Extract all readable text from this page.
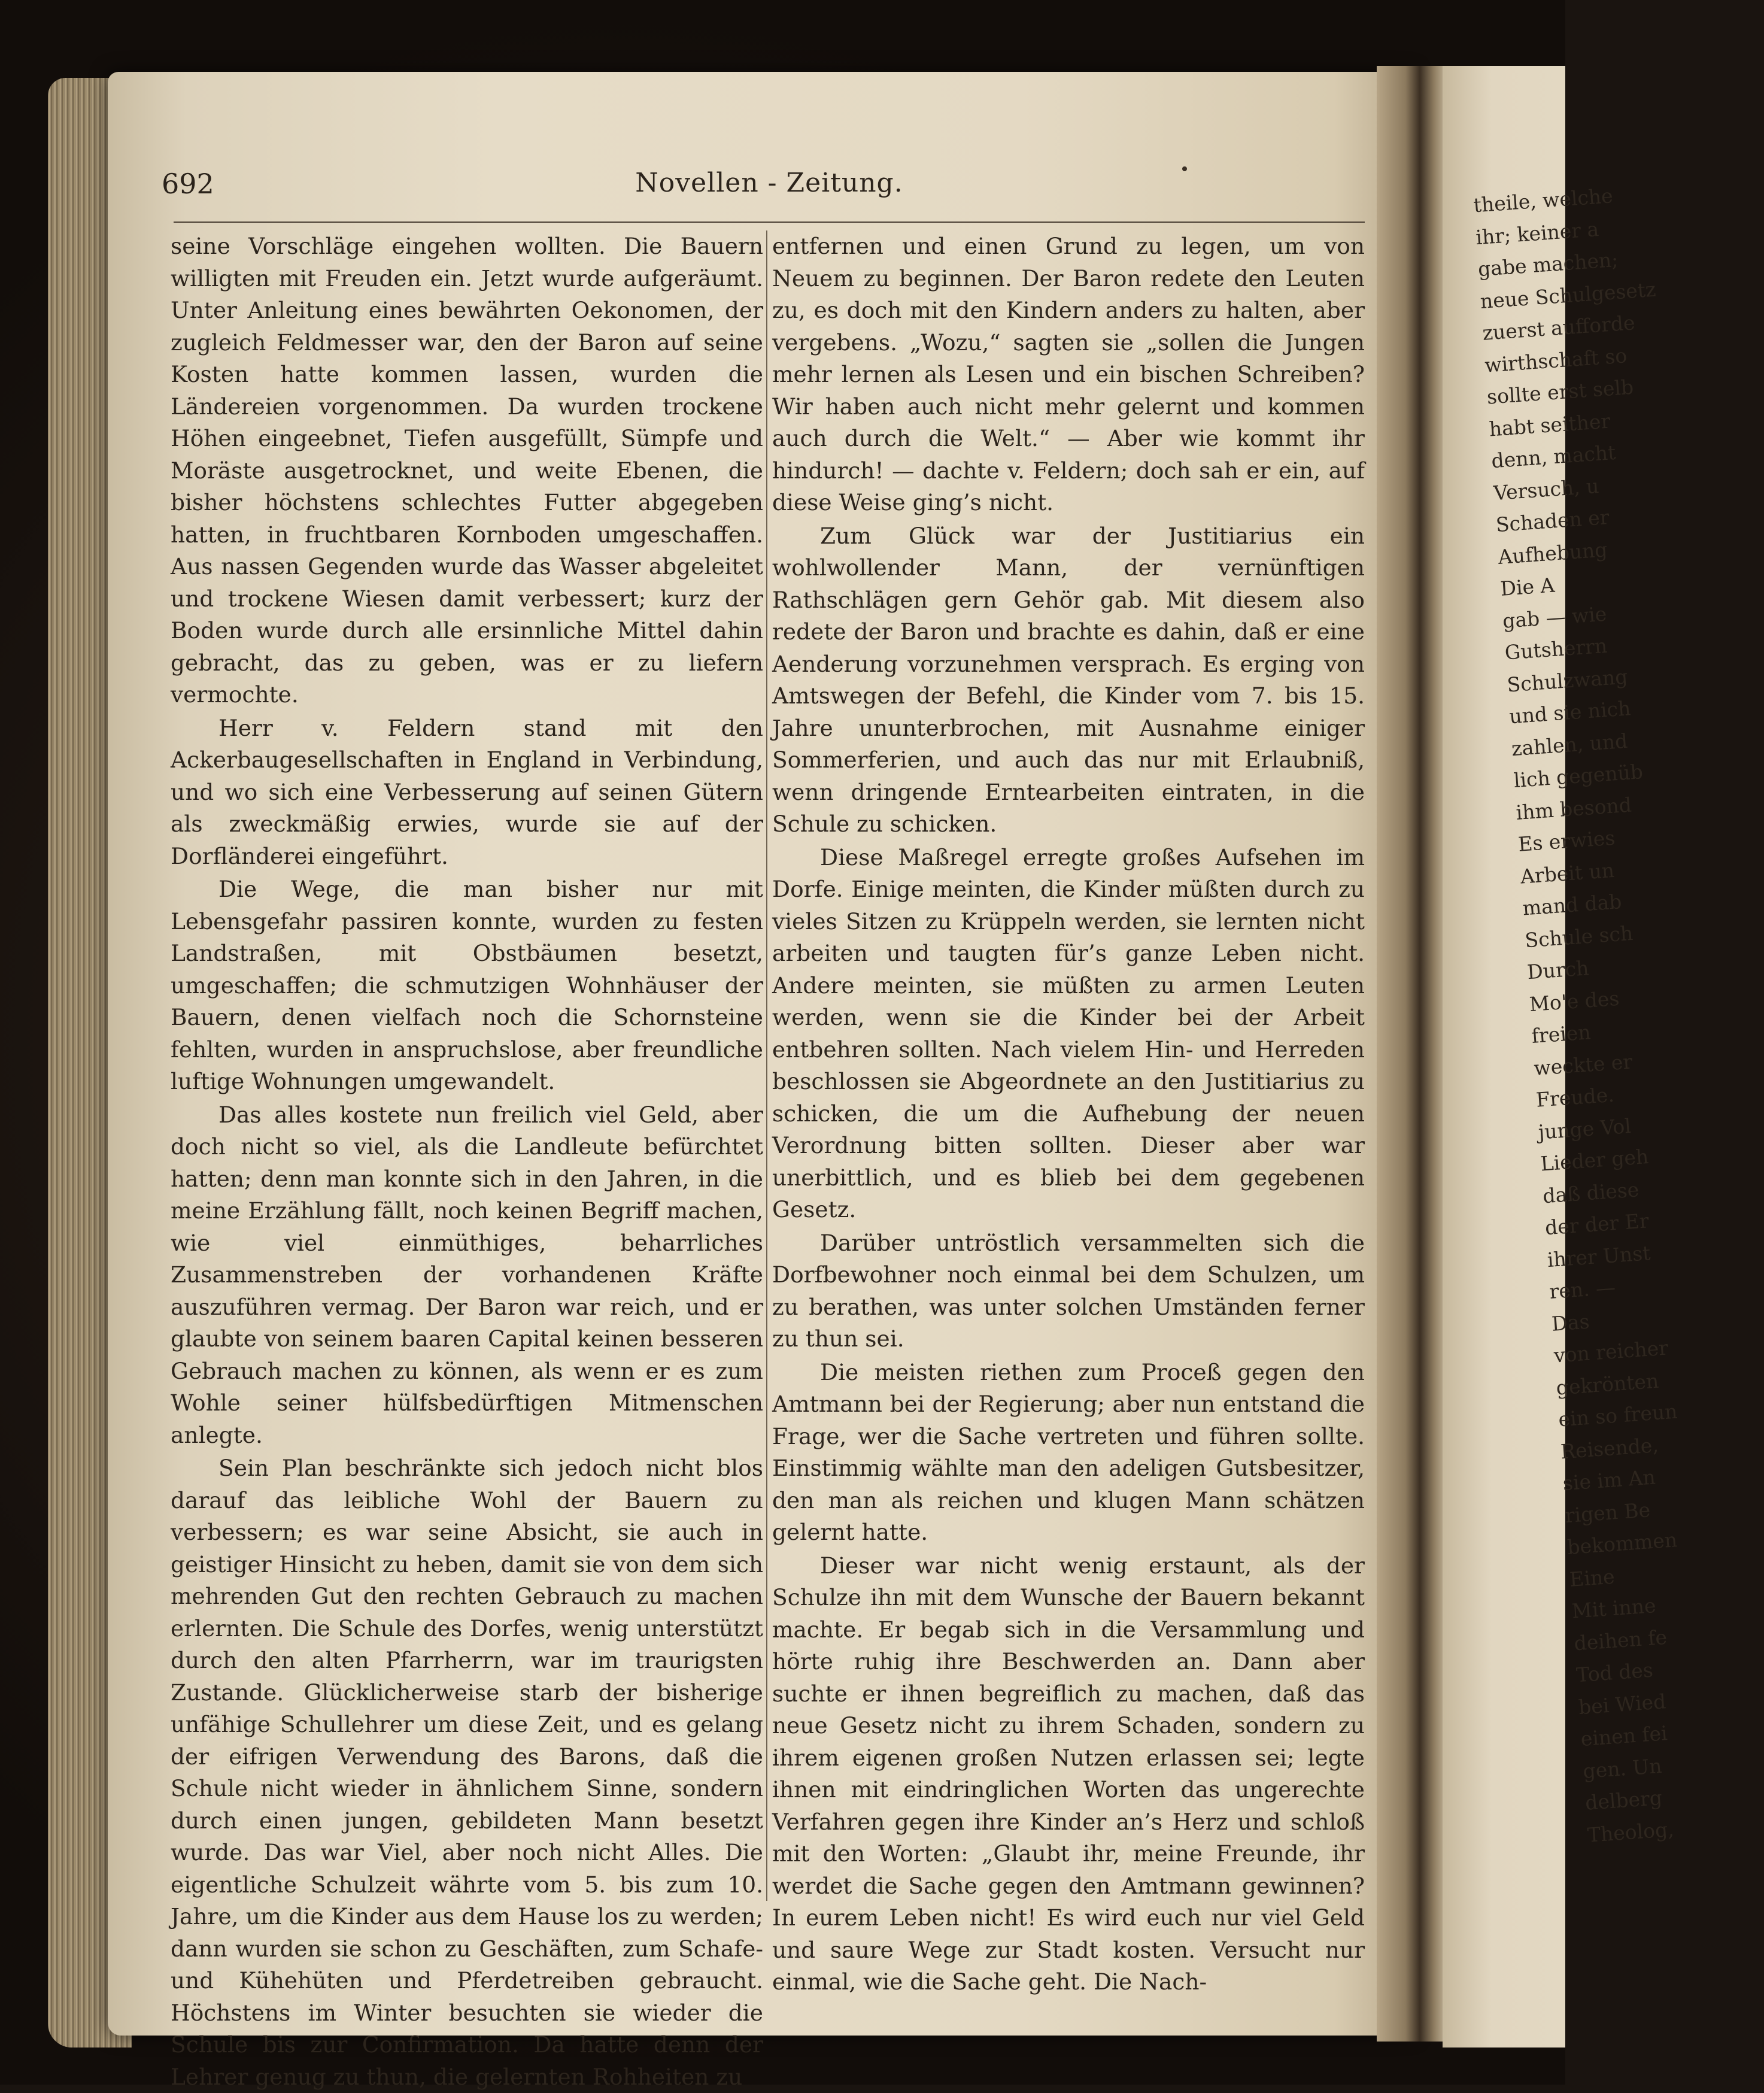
theile, welche
ihr; keiner a
gabe machen;
neue Schulgesetz
zuerst aufforde
wirthschaft so
sollte erst selb
habt seither
denn, macht
Versuch, u
Schaden er
Aufhebung
Die A
gab — wie
Gutsherrn
Schulzwang
und sie nich
zahlen, und
lich gegenüb
ihm besond
Es erwies
Arbeit un
mand dab
Schule sch
Durch
Mo'e des
freien
weckte er
Freude.
junge Vol
Lieder geh
daß diese
der der Er
ihrer Unst
ren. —
Das
von reicher
gekrönten
ein so freun
Reisende,
sie im An
rigen Be
bekommen
Eine
Mit inne
deihen fe
Tod des
bei Wied
einen fei
gen. Un
delberg
Theolog,
692	Novellen - Zeitung.

seine Vorschläge eingehen wollten. Die Bauern willigten mit Freuden ein. Jetzt wurde aufgeräumt. Unter Anleitung eines bewährten Oekonomen, der zugleich Feldmesser war, den der Baron auf seine Kosten hatte kommen lassen, wurden die Ländereien vorgenommen. Da wurden trockene Höhen eingeebnet, Tiefen ausgefüllt, Sümpfe und Moräste ausgetrocknet, und weite Ebenen, die bisher höchstens schlechtes Futter abgegeben hatten, in fruchtbaren Kornboden umgeschaffen. Aus nassen Gegenden wurde das Wasser abgeleitet und trockene Wiesen damit verbessert; kurz der Boden wurde durch alle ersinnliche Mittel dahin gebracht, das zu geben, was er zu liefern vermochte.

Herr v. Feldern stand mit den Ackerbaugesellschaften in England in Verbindung, und wo sich eine Verbesserung auf seinen Gütern als zweckmäßig erwies, wurde sie auf der Dorfländerei eingeführt.

Die Wege, die man bisher nur mit Lebensgefahr passiren konnte, wurden zu festen Landstraßen, mit Obstbäumen besetzt, umgeschaffen; die schmutzigen Wohnhäuser der Bauern, denen vielfach noch die Schornsteine fehlten, wurden in anspruchslose, aber freundliche luftige Wohnungen umgewandelt.

Das alles kostete nun freilich viel Geld, aber doch nicht so viel, als die Landleute befürchtet hatten; denn man konnte sich in den Jahren, in die meine Erzählung fällt, noch keinen Begriff machen, wie viel einmüthiges, beharrliches Zusammenstreben der vorhandenen Kräfte auszuführen vermag. Der Baron war reich, und er glaubte von seinem baaren Capital keinen besseren Gebrauch machen zu können, als wenn er es zum Wohle seiner hülfsbedürftigen Mitmenschen anlegte.

Sein Plan beschränkte sich jedoch nicht blos darauf das leibliche Wohl der Bauern zu verbessern; es war seine Absicht, sie auch in geistiger Hinsicht zu heben, damit sie von dem sich mehrenden Gut den rechten Gebrauch zu machen erlernten. Die Schule des Dorfes, wenig unterstützt durch den alten Pfarrherrn, war im traurigsten Zustande. Glücklicherweise starb der bisherige unfähige Schullehrer um diese Zeit, und es gelang der eifrigen Verwendung des Barons, daß die Schule nicht wieder in ähnlichem Sinne, sondern durch einen jungen, gebildeten Mann besetzt wurde. Das war Viel, aber noch nicht Alles. Die eigentliche Schulzeit währte vom 5. bis zum 10. Jahre, um die Kinder aus dem Hause los zu werden; dann wurden sie schon zu Geschäften, zum Schafe- und Kühehüten und Pferdetreiben gebraucht. Höchstens im Winter besuchten sie wieder die Schule bis zur Confirmation. Da hatte denn der Lehrer genug zu thun, die gelernten Rohheiten zu

entfernen und einen Grund zu legen, um von Neuem zu beginnen. Der Baron redete den Leuten zu, es doch mit den Kindern anders zu halten, aber vergebens. „Wozu,“ sagten sie „sollen die Jungen mehr lernen als Lesen und ein bischen Schreiben? Wir haben auch nicht mehr gelernt und kommen auch durch die Welt.“ — Aber wie kommt ihr hindurch! — dachte v. Feldern; doch sah er ein, auf diese Weise ging’s nicht.

Zum Glück war der Justitiarius ein wohlwollender Mann, der vernünftigen Rathschlägen gern Gehör gab. Mit diesem also redete der Baron und brachte es dahin, daß er eine Aenderung vorzunehmen versprach. Es erging von Amtswegen der Befehl, die Kinder vom 7. bis 15. Jahre ununterbrochen, mit Ausnahme einiger Sommerferien, und auch das nur mit Erlaubniß, wenn dringende Erntearbeiten eintraten, in die Schule zu schicken.

Diese Maßregel erregte großes Aufsehen im Dorfe. Einige meinten, die Kinder müßten durch zu vieles Sitzen zu Krüppeln werden, sie lernten nicht arbeiten und taugten für’s ganze Leben nicht. Andere meinten, sie müßten zu armen Leuten werden, wenn sie die Kinder bei der Arbeit entbehren sollten. Nach vielem Hin- und Herreden beschlossen sie Abgeordnete an den Justitiarius zu schicken, die um die Aufhebung der neuen Verordnung bitten sollten. Dieser aber war unerbittlich, und es blieb bei dem gegebenen Gesetz.

Darüber untröstlich versammelten sich die Dorfbewohner noch einmal bei dem Schulzen, um zu berathen, was unter solchen Umständen ferner zu thun sei.

Die meisten riethen zum Proceß gegen den Amtmann bei der Regierung; aber nun entstand die Frage, wer die Sache vertreten und führen sollte. Einstimmig wählte man den adeligen Gutsbesitzer, den man als reichen und klugen Mann schätzen gelernt hatte.

Dieser war nicht wenig erstaunt, als der Schulze ihn mit dem Wunsche der Bauern bekannt machte. Er begab sich in die Versammlung und hörte ruhig ihre Beschwerden an. Dann aber suchte er ihnen begreiflich zu machen, daß das neue Gesetz nicht zu ihrem Schaden, sondern zu ihrem eigenen großen Nutzen erlassen sei; legte ihnen mit eindringlichen Worten das ungerechte Verfahren gegen ihre Kinder an’s Herz und schloß mit den Worten: „Glaubt ihr, meine Freunde, ihr werdet die Sache gegen den Amtmann gewinnen? In eurem Leben nicht! Es wird euch nur viel Geld und saure Wege zur Stadt kosten. Versucht nur einmal, wie die Sache geht. Die Nach-
